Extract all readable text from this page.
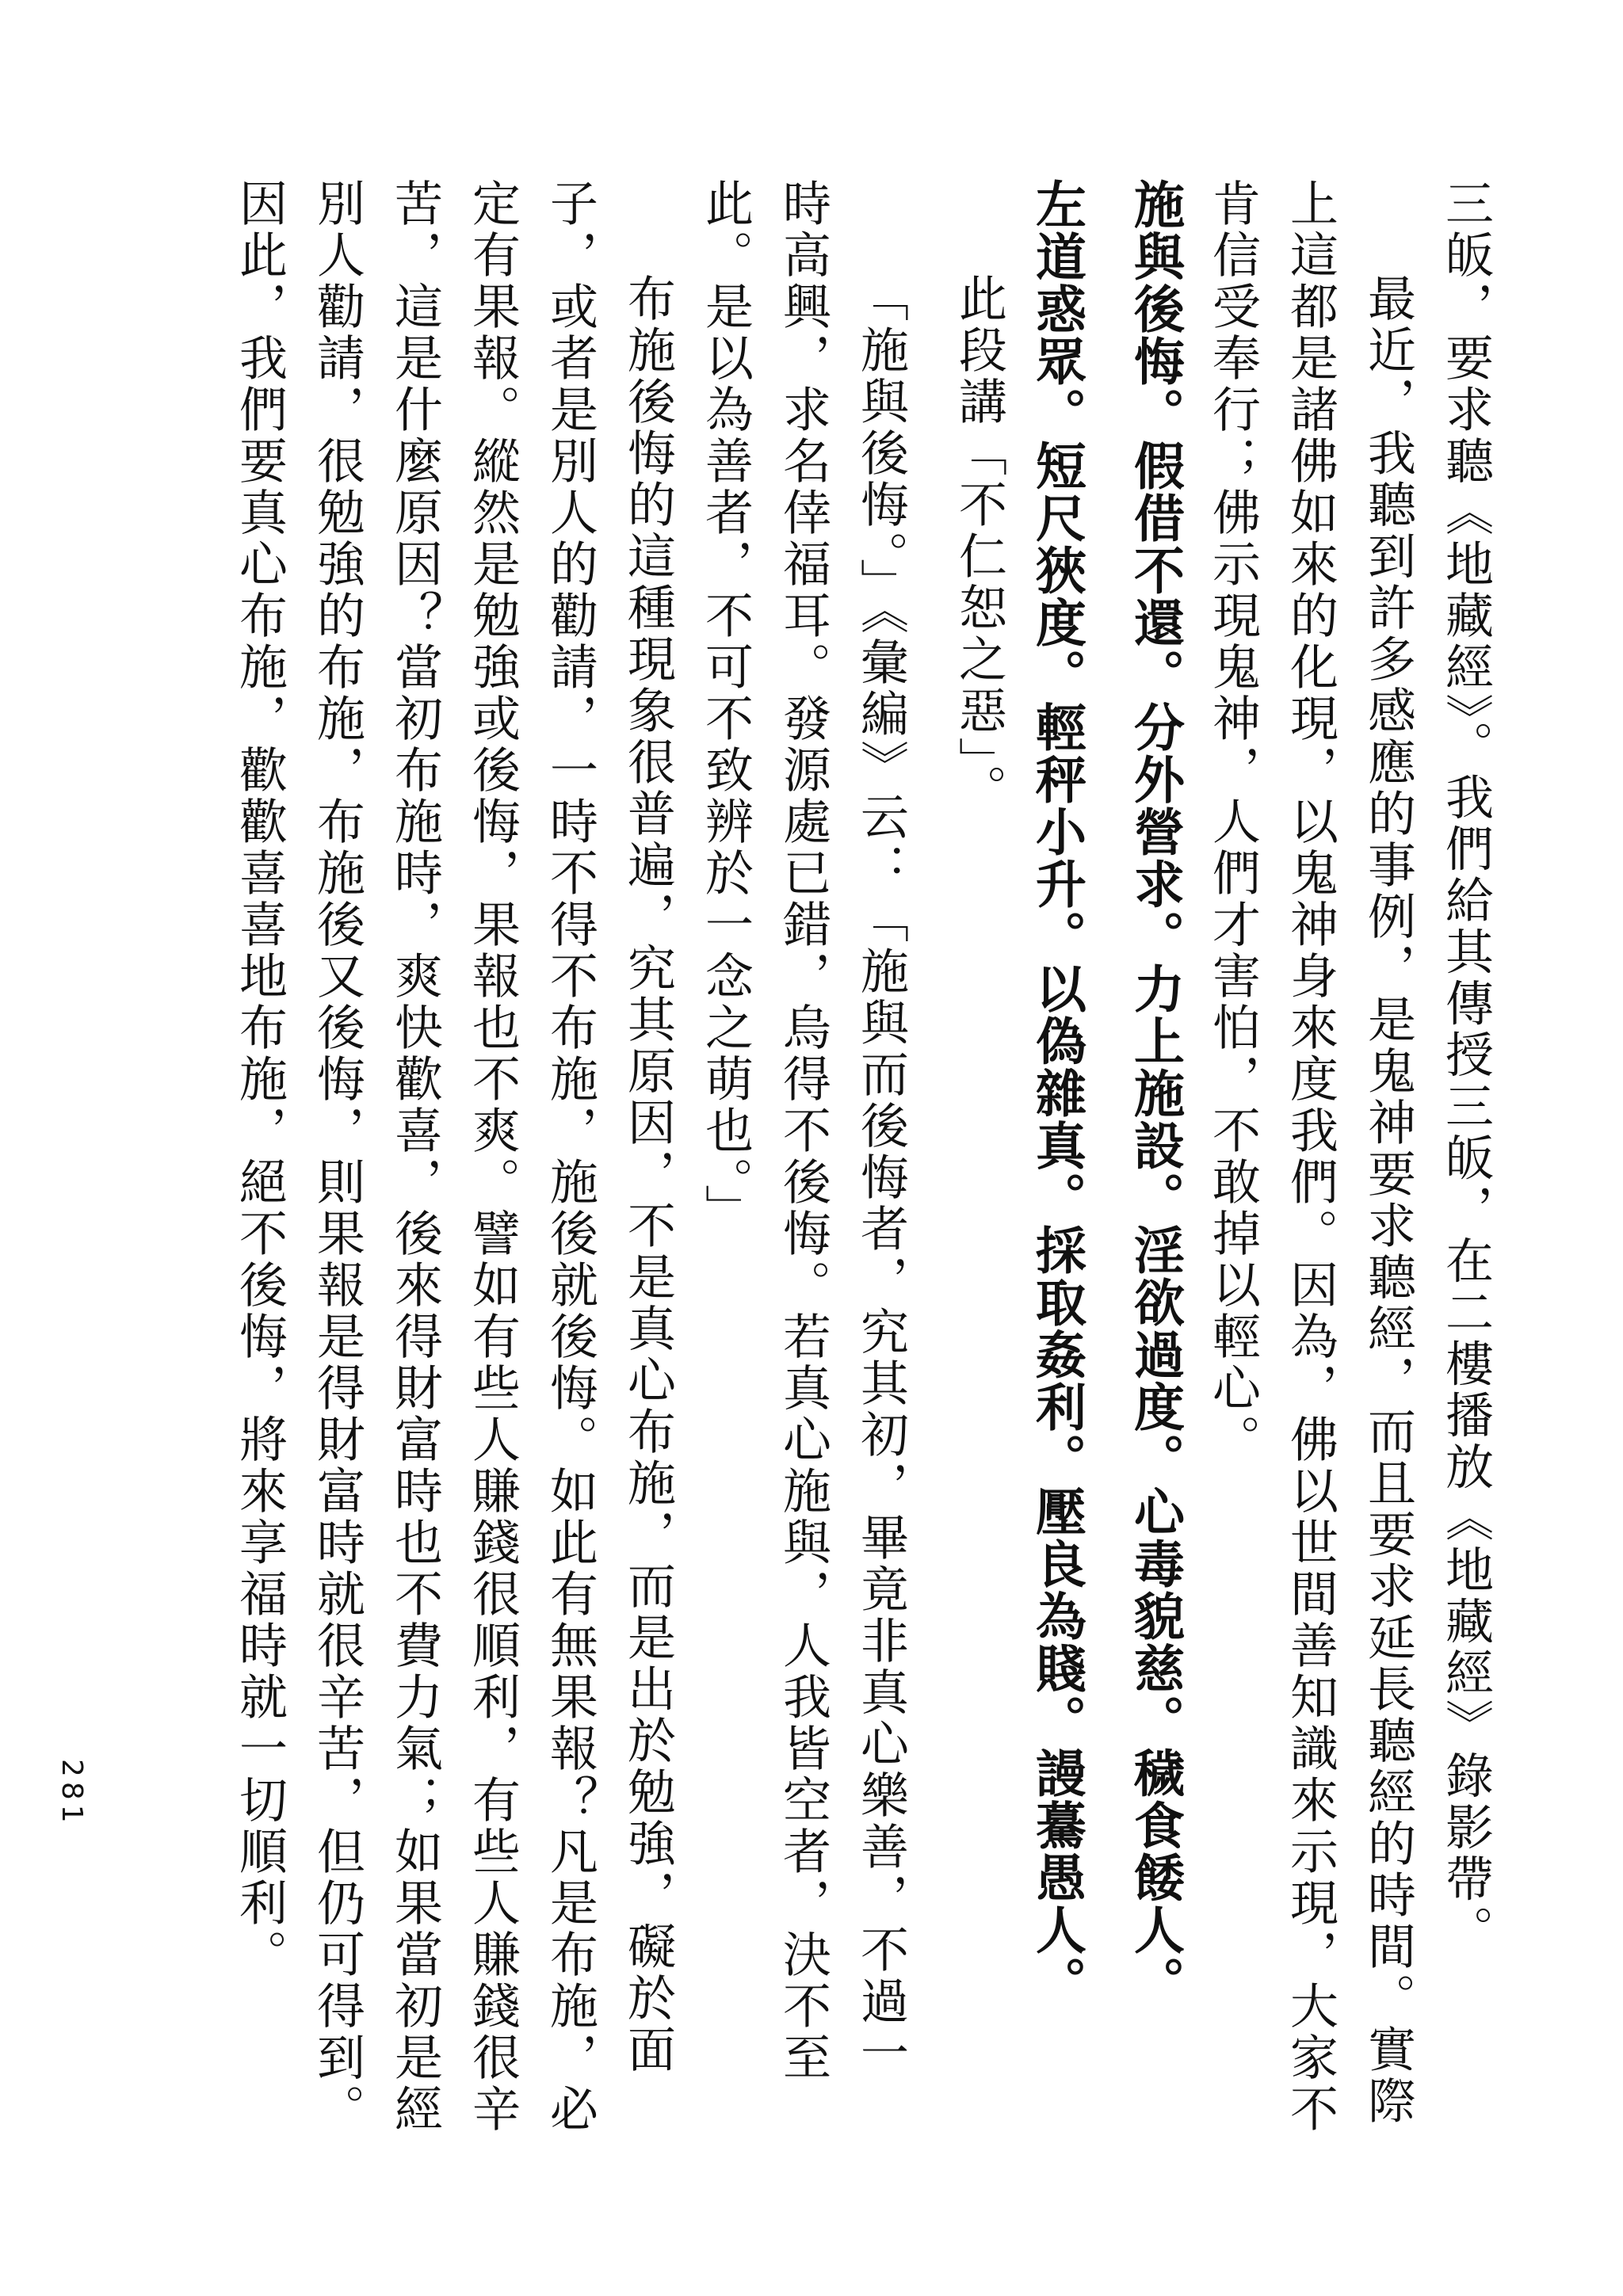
三皈，要求聽《地藏經》。我們給其傳授三皈，在二樓播放《地藏經》錄影帶。

最近，我聽到許多感應的事例，是鬼神要求聽經，而且要求延長聽經的時間。實際

上這都是諸佛如來的化現，以鬼神身來度我們。因為，佛以世間善知識來示現，大家不

肯信受奉行；佛示現鬼神，人們才害怕，不敢掉以輕心。

施與後悔。假借不還。分外營求。力上施設。淫欲過度。心毒貌慈。穢食餧人。

左道惑眾。短尺狹度。輕秤小升。以偽雜真。採取姦利。壓良為賤。謾驀愚人。

此段講「不仁恕之惡」。

「施與後悔。」《彙編》云：「施與而後悔者，究其初，畢竟非真心樂善，不過一

時高興，求名倖福耳。發源處已錯，烏得不後悔。若真心施與，人我皆空者，決不至

此。是以為善者，不可不致辨於一念之萌也。」

布施後悔的這種現象很普遍，究其原因，不是真心布施，而是出於勉強，礙於面

子，或者是別人的勸請，一時不得不布施，施後就後悔。如此有無果報？凡是布施，必

定有果報。縱然是勉強或後悔，果報也不爽。譬如有些人賺錢很順利，有些人賺錢很辛

苦，這是什麼原因？當初布施時，爽快歡喜，後來得財富時也不費力氣；如果當初是經

別人勸請，很勉強的布施，布施後又後悔，則果報是得財富時就很辛苦，但仍可得到。

因此，我們要真心布施，歡歡喜喜地布施，絕不後悔，將來享福時就一切順利。

281
